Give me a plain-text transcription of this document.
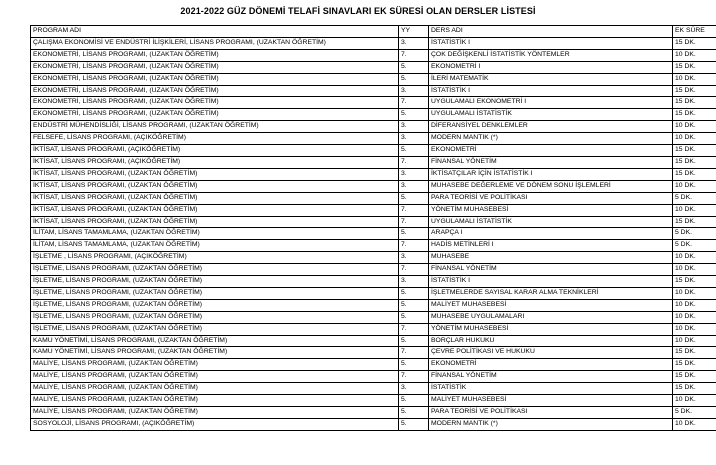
2021-2022 GÜZ DÖNEMİ TELAFİ SINAVLARI EK SÜRESİ OLAN DERSLER LİSTESİ
PROGRAM ADI	YY	DERS ADI	EK SÜRE
ÇALIŞMA EKONOMİSİ VE ENDÜSTRİ İLİŞKİLERİ, LİSANS PROGRAMI, (UZAKTAN ÖĞRETİM)	3.	İSTATİSTİK I	15 DK.
EKONOMETRİ, LİSANS PROGRAMI, (UZAKTAN ÖĞRETİM)	7.	ÇOK DEĞİŞKENLİ İSTATİSTİK YÖNTEMLER	10 DK.
EKONOMETRİ, LİSANS PROGRAMI, (UZAKTAN ÖĞRETİM)	5.	EKONOMETRİ I	15 DK.
EKONOMETRİ, LİSANS PROGRAMI, (UZAKTAN ÖĞRETİM)	5.	İLERİ MATEMATİK	10 DK.
EKONOMETRİ, LİSANS PROGRAMI, (UZAKTAN ÖĞRETİM)	3.	İSTATİSTİK I	15 DK.
EKONOMETRİ, LİSANS PROGRAMI, (UZAKTAN ÖĞRETİM)	7.	UYGULAMALI EKONOMETRİ I	15 DK.
EKONOMETRİ, LİSANS PROGRAMI, (UZAKTAN ÖĞRETİM)	5.	UYGULAMALI İSTATİSTİK	15 DK.
ENDÜSTRİ MÜHENDİSLİĞİ, LİSANS PROGRAMI, (UZAKTAN ÖĞRETİM)	3.	DİFERANSİYEL DENKLEMLER	10 DK.
FELSEFE, LİSANS PROGRAMI, (AÇIKÖĞRETİM)	3.	MODERN MANTIK (*)	10 DK.
İKTİSAT, LİSANS PROGRAMI, (AÇIKÖĞRETİM)	5.	EKONOMETRİ	15 DK.
İKTİSAT, LİSANS PROGRAMI, (AÇIKÖĞRETİM)	7.	FİNANSAL YÖNETİM	15 DK.
İKTİSAT, LİSANS PROGRAMI, (UZAKTAN ÖĞRETİM)	3.	İKTİSATÇILAR İÇİN İSTATİSTİK I	15 DK.
İKTİSAT, LİSANS PROGRAMI, (UZAKTAN ÖĞRETİM)	3.	MUHASEBE DEĞERLEME VE DÖNEM SONU İŞLEMLERİ	10 DK.
İKTİSAT, LİSANS PROGRAMI, (UZAKTAN ÖĞRETİM)	5.	PARA TEORİSİ VE POLİTİKASI	5 DK.
İKTİSAT, LİSANS PROGRAMI, (UZAKTAN ÖĞRETİM)	7.	YÖNETİM MUHASEBESİ	10 DK.
İKTİSAT, LİSANS PROGRAMI, (UZAKTAN ÖĞRETİM)	7.	UYGULAMALI İSTATİSTİK	15 DK.
İLİTAM, LİSANS TAMAMLAMA, (UZAKTAN ÖĞRETİM)	5.	ARAPÇA I	5 DK.
İLİTAM, LİSANS TAMAMLAMA, (UZAKTAN ÖĞRETİM)	7.	HADİS METİNLERİ I	5 DK.
İŞLETME , LİSANS PROGRAMI, (AÇIKÖĞRETİM)	3.	MUHASEBE	10 DK.
İŞLETME, LİSANS PROGRAMI, (UZAKTAN ÖĞRETİM)	7.	FİNANSAL YÖNETİM	10 DK.
İŞLETME, LİSANS PROGRAMI, (UZAKTAN ÖĞRETİM)	3.	İSTATİSTİK I	15 DK.
İŞLETME, LİSANS PROGRAMI, (UZAKTAN ÖĞRETİM)	5.	İŞLETMELERDE SAYISAL KARAR ALMA TEKNİKLERİ	10 DK.
İŞLETME, LİSANS PROGRAMI, (UZAKTAN ÖĞRETİM)	5.	MALİYET MUHASEBESİ	10 DK.
İŞLETME, LİSANS PROGRAMI, (UZAKTAN ÖĞRETİM)	5.	MUHASEBE UYGULAMALARI	10 DK.
İŞLETME, LİSANS PROGRAMI, (UZAKTAN ÖĞRETİM)	7.	YÖNETİM MUHASEBESİ	10 DK.
KAMU YÖNETİMİ, LİSANS PROGRAMI, (UZAKTAN ÖĞRETİM)	5.	BORÇLAR HUKUKU	10 DK.
KAMU YÖNETİMİ, LİSANS PROGRAMI, (UZAKTAN ÖĞRETİM)	7.	ÇEVRE POLİTİKASI VE HUKUKU	15 DK.
MALİYE, LİSANS PROGRAMI, (UZAKTAN ÖĞRETİM)	5.	EKONOMETRİ	15 DK.
MALİYE, LİSANS PROGRAMI, (UZAKTAN ÖĞRETİM)	7.	FİNANSAL YÖNETİM	15 DK.
MALİYE, LİSANS PROGRAMI, (UZAKTAN ÖĞRETİM)	3.	İSTATİSTİK	15 DK.
MALİYE, LİSANS PROGRAMI, (UZAKTAN ÖĞRETİM)	5.	MALİYET MUHASEBESİ	10 DK.
MALİYE, LİSANS PROGRAMI, (UZAKTAN ÖĞRETİM)	5.	PARA TEORİSİ VE POLİTİKASI	5 DK.
SOSYOLOJİ, LİSANS PROGRAMI, (AÇIKÖĞRETİM)	5.	MODERN MANTIK (*)	10 DK.
